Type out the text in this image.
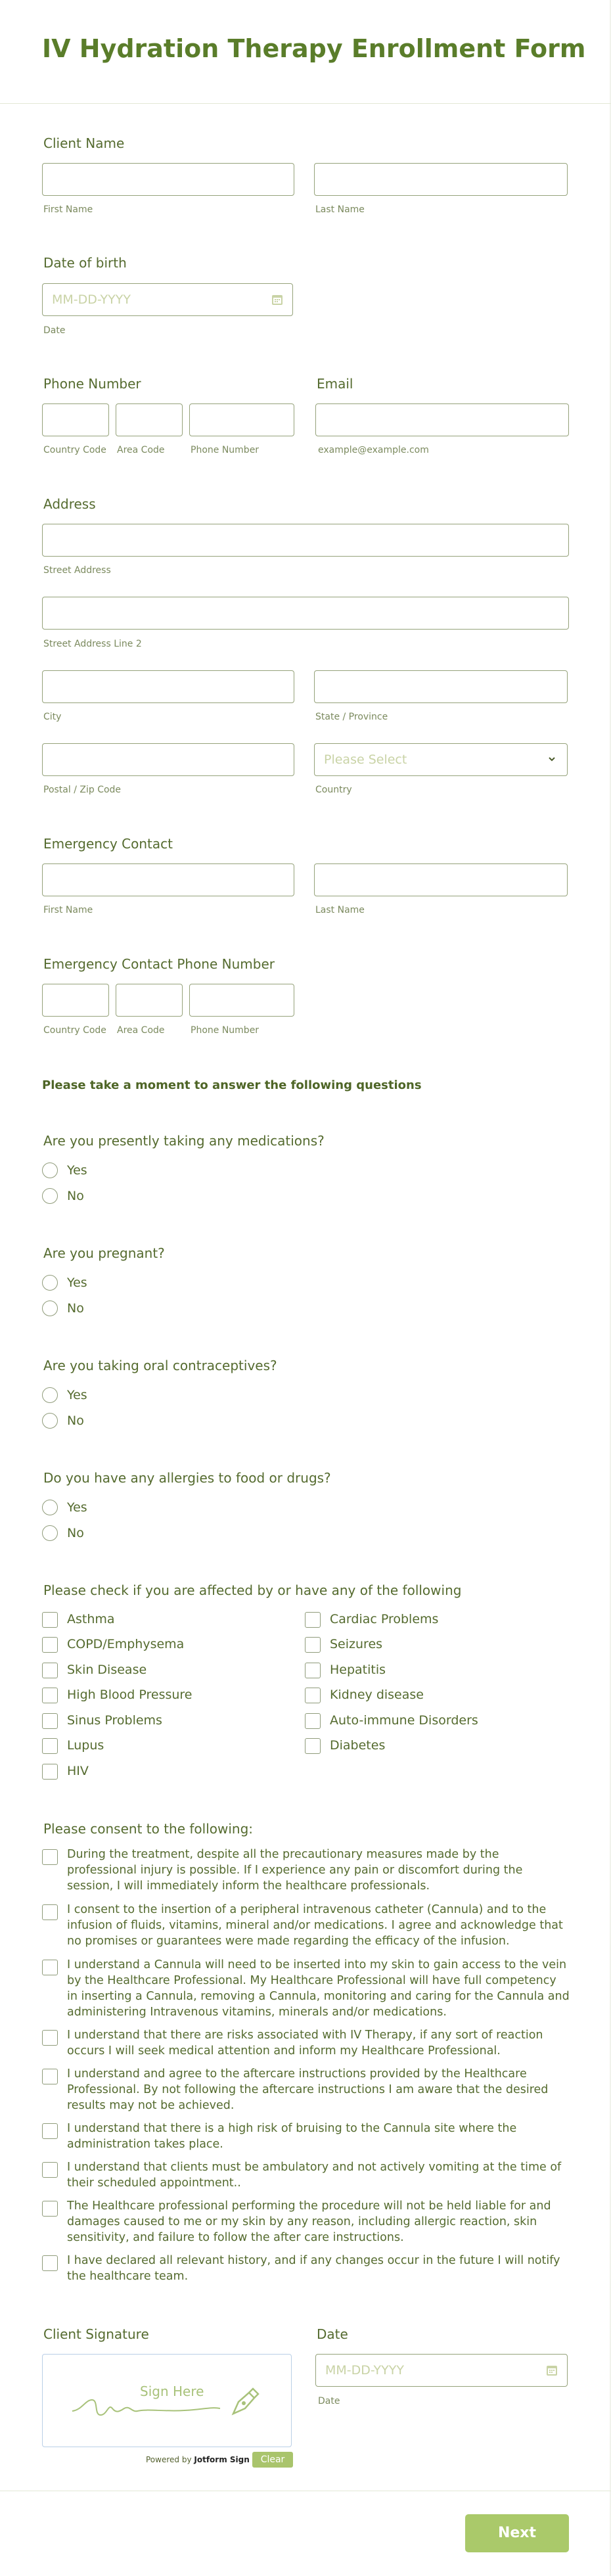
IV Hydration Therapy Enrollment Form
Client Name
First Name	Last Name
Date of birth
MM-DD-YYYY
Date
Phone Number
Country Code Area Code	Phone Number
Email
example@example.com
Address
Street Address
Street Address Line 2
City	State / Province
Please Select
Postal / Zip Code	Country
Emergency Contact
First Name	Last Name
Emergency Contact Phone Number
Country Code Area Code	Phone Number
Please take a moment to answer the following questions
Are you presently taking any medications?
Yes
No
Are you pregnant?
Yes
No
Are you taking oral contraceptives?
Yes
No
Do you have any allergies to food or drugs?
Yes
No
Please check if you are affected by or have any of the following
Asthma
COPD/Emphysema
Skin Disease
High Blood Pressure
Sinus Problems
Lupus
HIV
Cardiac Problems
Seizures
Hepatitis
Kidney disease
Auto-immune Disorders
Diabetes
Please consent to the following:
During the treatment, despite all the precautionary measures made by the
professional injury is possible. If I experience any pain or discomfort during the
session, I will immediately inform the healthcare professionals.
I consent to the insertion of a peripheral intravenous catheter (Cannula) and to the
infusion of fluids, vitamins, mineral and/or medications. I agree and acknowledge that
no promises or guarantees were made regarding the efficacy of the infusion.
I understand a Cannula will need to be inserted into my skin to gain access to the vein
by the Healthcare Professional. My Healthcare Professional will have full competency
in inserting a Cannula, removing a Cannula, monitoring and caring for the Cannula and
administering Intravenous vitamins, minerals and/or medications.
I understand that there are risks associated with IV Therapy, if any sort of reaction
occurs I will seek medical attention and inform my Healthcare Professional.
I understand and agree to the aftercare instructions provided by the Healthcare
Professional. By not following the aftercare instructions I am aware that the desired
results may not be achieved.
I understand that there is a high risk of bruising to the Cannula site where the
administration takes place.
I understand that clients must be ambulatory and not actively vomiting at the time of
their scheduled appointment..
The Healthcare professional performing the procedure will not be held liable for and
damages caused to me or my skin by any reason, including allergic reaction, skin
sensitivity, and failure to follow the after care instructions.
I have declared all relevant history, and if any changes occur in the future I will notify
the healthcare team.
Client Signature
Sign Here
Powered by Jotform Sign	Clear
Date
MM-DD-YYYY
Date
Next
